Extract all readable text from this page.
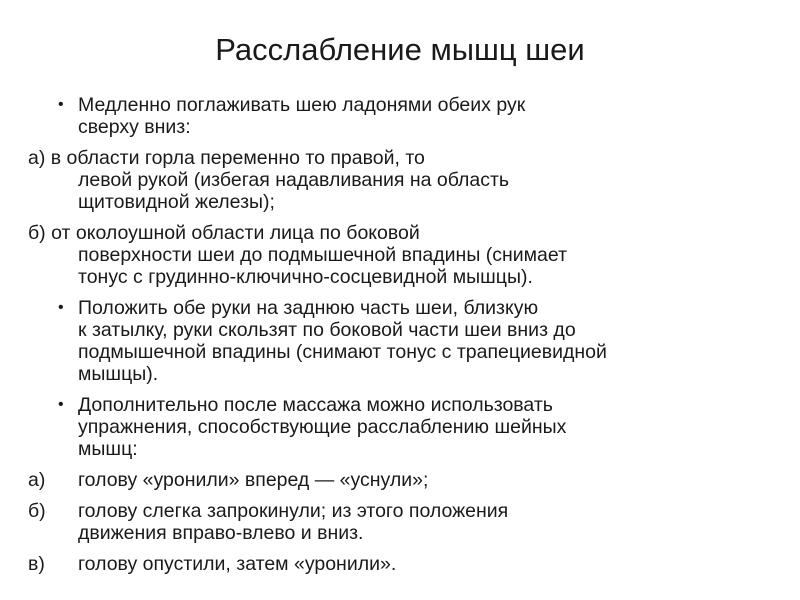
Расслабление мышц шеи
• Медленно поглаживать шею ладонями обеих рук
сверху вниз:
а) в области горла переменно то правой, то
левой рукой (избегая надавливания на область
щитовидной железы);
б) от околоушной области лица по боковой
поверхности шеи до подмышечной впадины (снимает
тонус с грудинно-ключично-сосцевидной мышцы).
• Положить обе руки на заднюю часть шеи, близкую
к затылку, руки скользят по боковой части шеи вниз до
подмышечной впадины (снимают тонус с трапециевидной
мышцы).
• Дополнительно после массажа можно использовать
упражнения, способствующие расслаблению шейных
мышц:
а) голову «уронили» вперед — «уснули»;
б) голову слегка запрокинули; из этого положения
движения вправо-влево и вниз.
в) голову опустили, затем «уронили».
